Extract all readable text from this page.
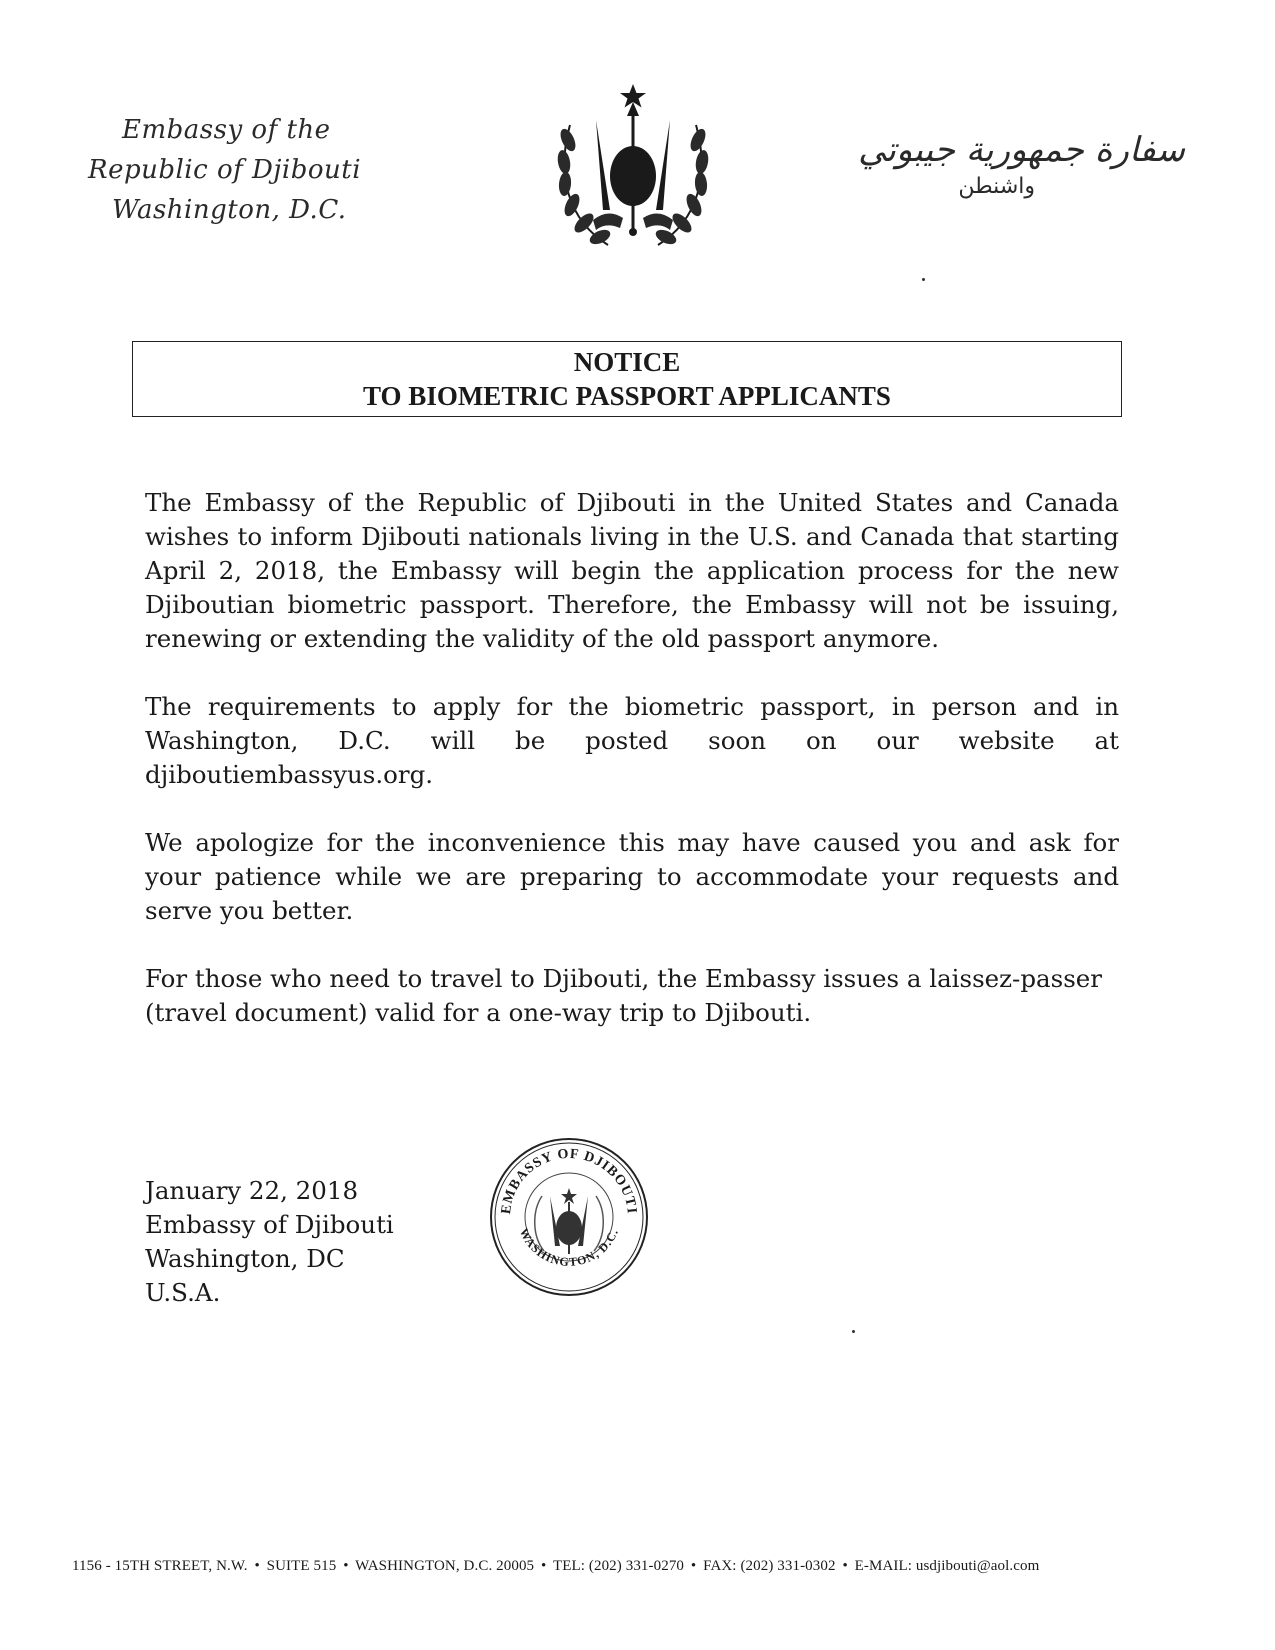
Embassy of the
Republic of Djibouti
Washington, D.C.
سفارة جمهورية جيبوتي
واشنطن
NOTICE
TO BIOMETRIC PASSPORT APPLICANTS

The Embassy of the Republic of Djibouti in the United States and Canada wishes to inform Djibouti nationals living in the U.S. and Canada that starting April 2, 2018, the Embassy will begin the application process for the new Djiboutian biometric passport. Therefore, the Embassy will not be issuing, renewing or extending the validity of the old passport anymore.

The requirements to apply for the biometric passport, in person and in Washington, D.C. will be posted soon on our website at djiboutiembassyus.org.

We apologize for the inconvenience this may have caused you and ask for your patience while we are preparing to accommodate your requests and serve you better.

For those who need to travel to Djibouti, the Embassy issues a laissez-passer (travel document) valid for a one-way trip to Djibouti.

January 22, 2018
Embassy of Djibouti
Washington, DC
U.S.A.
EMBASSY OF DJIBOUTI
WASHINGTON, D.C.
1156 - 15TH STREET, N.W. • SUITE 515 • WASHINGTON, D.C. 20005 • TEL: (202) 331-0270 • FAX: (202) 331-0302 • E-MAIL: usdjibouti@aol.com
